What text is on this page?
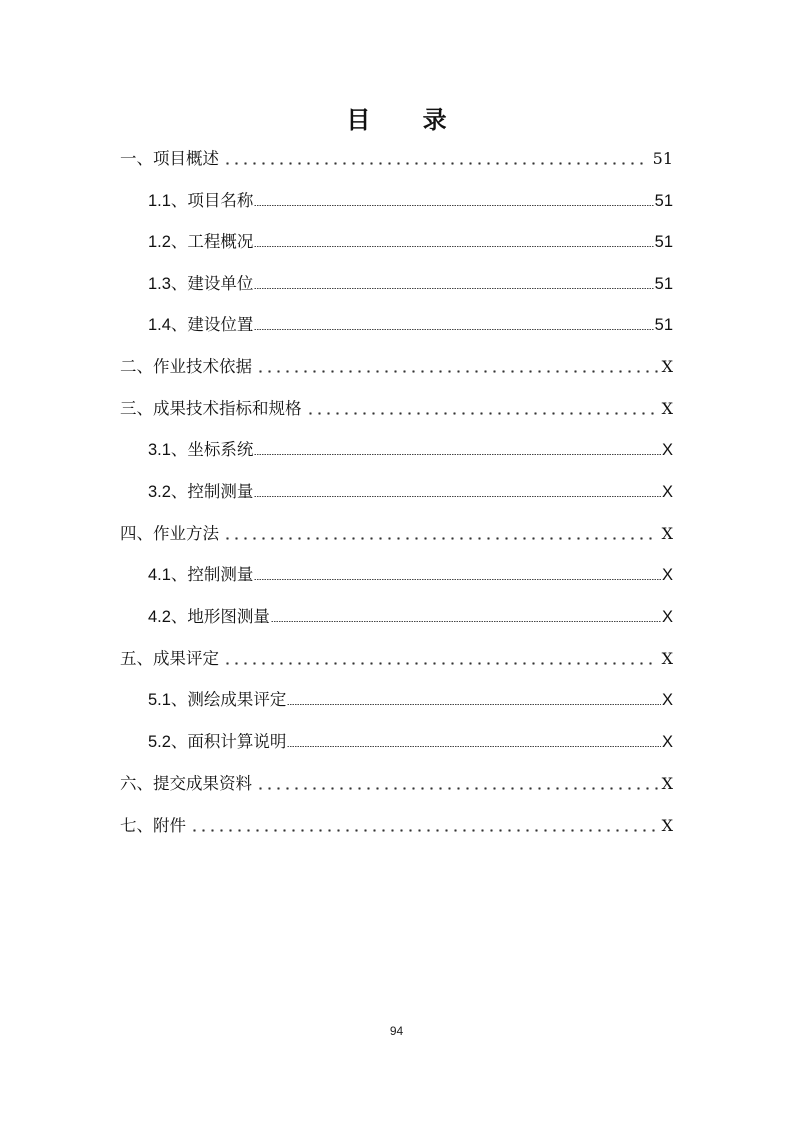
目 录
一、项目概述	51
1.1、项目名称	51
1.2、工程概况	51
1.3、建设单位	51
1.4、建设位置	51
二、作业技术依据	X
三、成果技术指标和规格	X
3.1、坐标系统	X
3.2、控制测量	X
四、作业方法	X
4.1、控制测量	X
4.2、地形图测量	X
五、成果评定	X
5.1、测绘成果评定	X
5.2、面积计算说明	X
六、提交成果资料	X
七、附件	X
94
